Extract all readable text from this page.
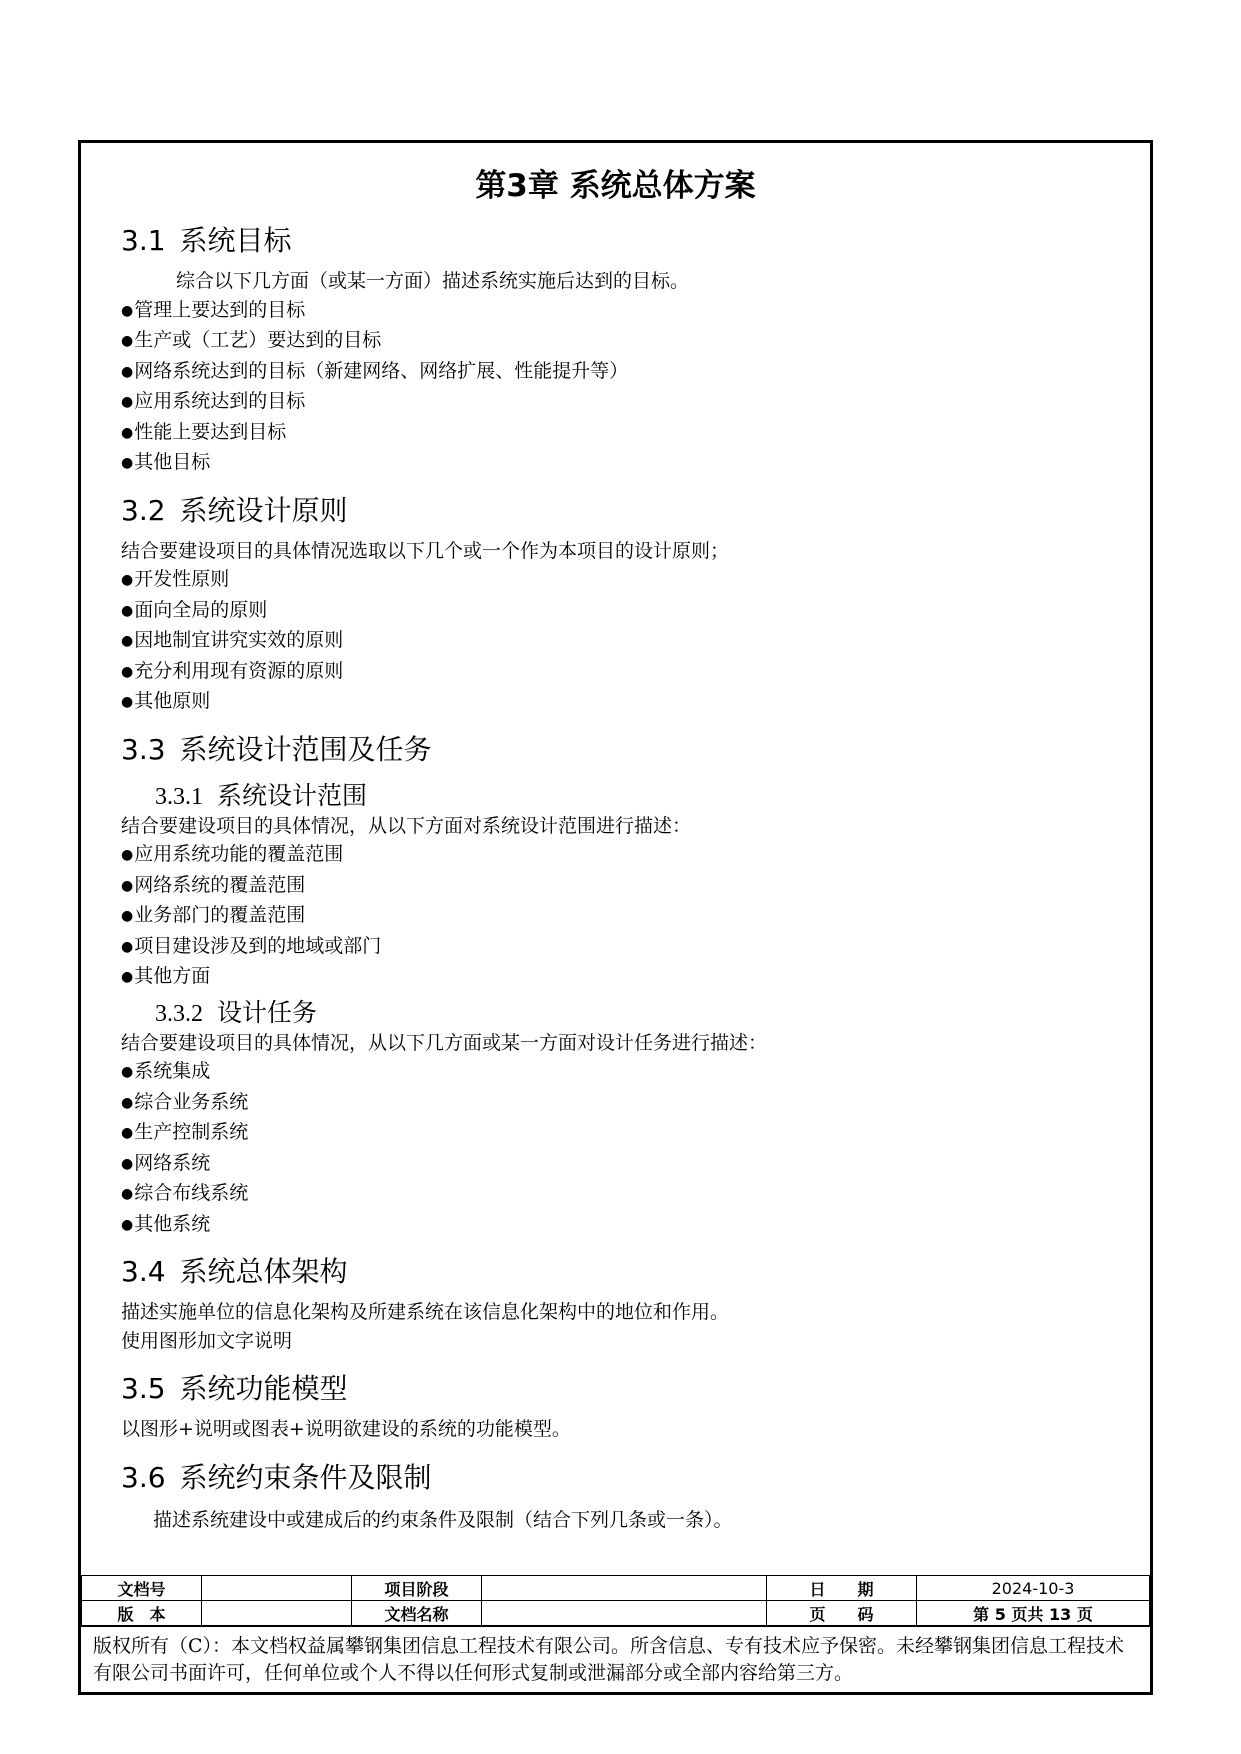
第3章 系统总体方案
3.1 系统目标

综合以下几方面（或某一方面）描述系统实施后达到的目标。

● 管理上要达到的目标
● 生产或（工艺）要达到的目标
● 网络系统达到的目标（新建网络、网络扩展、性能提升等）
● 应用系统达到的目标
● 性能上要达到目标
● 其他目标
3.2 系统设计原则

结合要建设项目的具体情况选取以下几个或一个作为本项目的设计原则；

● 开发性原则
● 面向全局的原则
● 因地制宜讲究实效的原则
● 充分利用现有资源的原则
● 其他原则
3.3 系统设计范围及任务
3.3.1 系统设计范围

结合要建设项目的具体情况，从以下方面对系统设计范围进行描述：

● 应用系统功能的覆盖范围
● 网络系统的覆盖范围
● 业务部门的覆盖范围
● 项目建设涉及到的地域或部门
● 其他方面
3.3.2 设计任务

结合要建设项目的具体情况，从以下几方面或某一方面对设计任务进行描述：

● 系统集成
● 综合业务系统
● 生产控制系统
● 网络系统
● 综合布线系统
● 其他系统
3.4 系统总体架构

描述实施单位的信息化架构及所建系统在该信息化架构中的地位和作用。

使用图形加文字说明

3.5 系统功能模型

以图形+说明或图表+说明欲建设的系统的功能模型。

3.6 系统约束条件及限制

描述系统建设中或建成后的约束条件及限制（结合下列几条或一条）。

文档号		项目阶段		日　　期	2024-10-3
版　本		文档名称		页　　码	第 5 页共 13 页
版权所有（C）：本文档权益属攀钢集团信息工程技术有限公司。所含信息、专有技术应予保密。未经攀钢集团信息工程技术有限公司书面许可，任何单位或个人不得以任何形式复制或泄漏部分或全部内容给第三方。
